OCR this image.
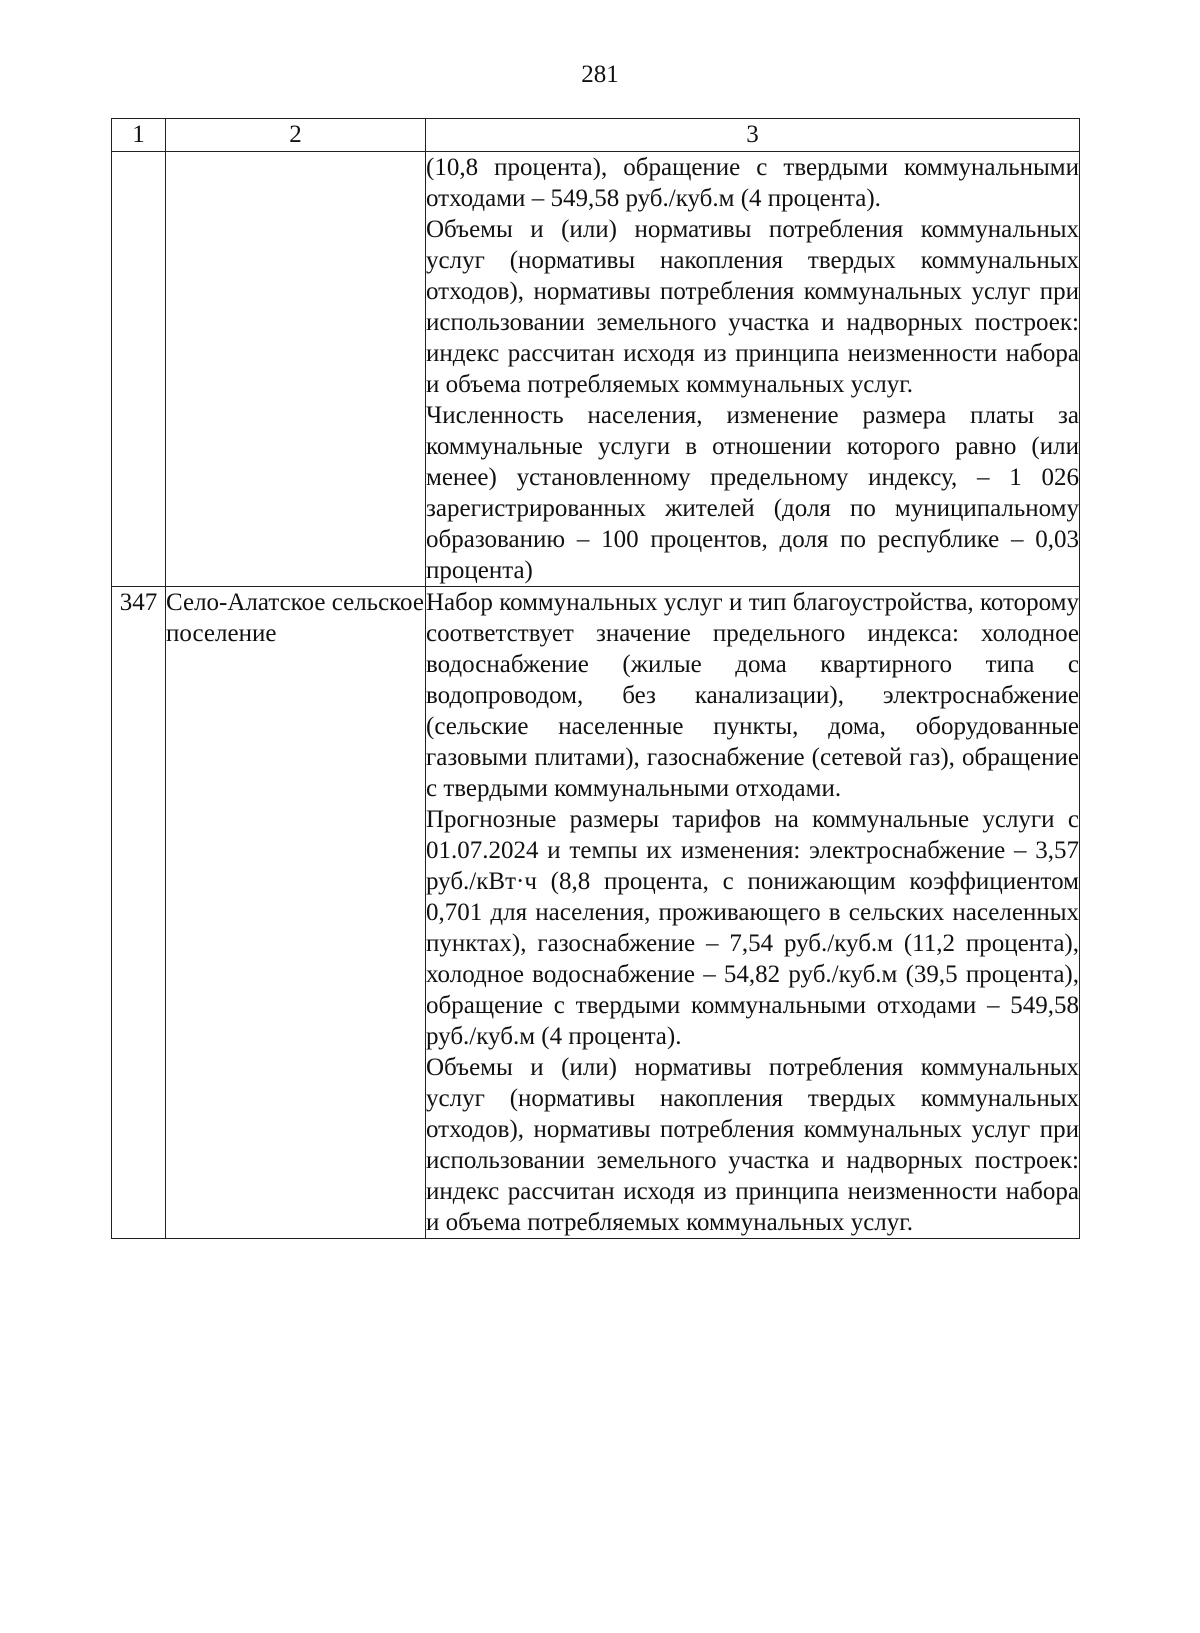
281
1	2	3

		(10,8 процента), обращение с твердыми коммунальными отходами – 549,58 руб./куб.м (4 процента).
Объемы и (или) нормативы потребления коммунальных услуг (нормативы накопления твердых коммунальных отходов), нормативы потребления коммунальных услуг при использовании земельного участка и надворных построек: индекс рассчитан исходя из принципа неизменности набора и объема потребляемых коммунальных услуг.
Численность населения, изменение размера платы за коммунальные услуги в отношении которого равно (или менее) установленному предельному индексу, – 1 026 зарегистрированных жителей (доля по муниципальному образованию – 100 процентов, доля по республике – 0,03 процента)

347	Село-Алатское сельское поселение	Набор коммунальных услуг и тип благоустройства, которому соответствует значение предельного индекса: холодное водоснабжение (жилые дома квартирного типа с водопроводом, без канализации), электроснабжение (сельские населенные пункты, дома, оборудованные газовыми плитами), газоснабжение (сетевой газ), обращение с твердыми коммунальными отходами.
Прогнозные размеры тарифов на коммунальные услуги с 01.07.2024 и темпы их изменения: электроснабжение – 3,57 руб./кВт·ч (8,8 процента, с понижающим коэффициентом 0,701 для населения, проживающего в сельских населенных пунктах), газоснабжение – 7,54 руб./куб.м (11,2 процента), холодное водоснабжение – 54,82 руб./куб.м (39,5 процента), обращение с твердыми коммунальными отходами – 549,58 руб./куб.м (4 процента).
Объемы и (или) нормативы потребления коммунальных услуг (нормативы накопления твердых коммунальных отходов), нормативы потребления коммунальных услуг при использовании земельного участка и надворных построек: индекс рассчитан исходя из принципа неизменности набора и объема потребляемых коммунальных услуг.
